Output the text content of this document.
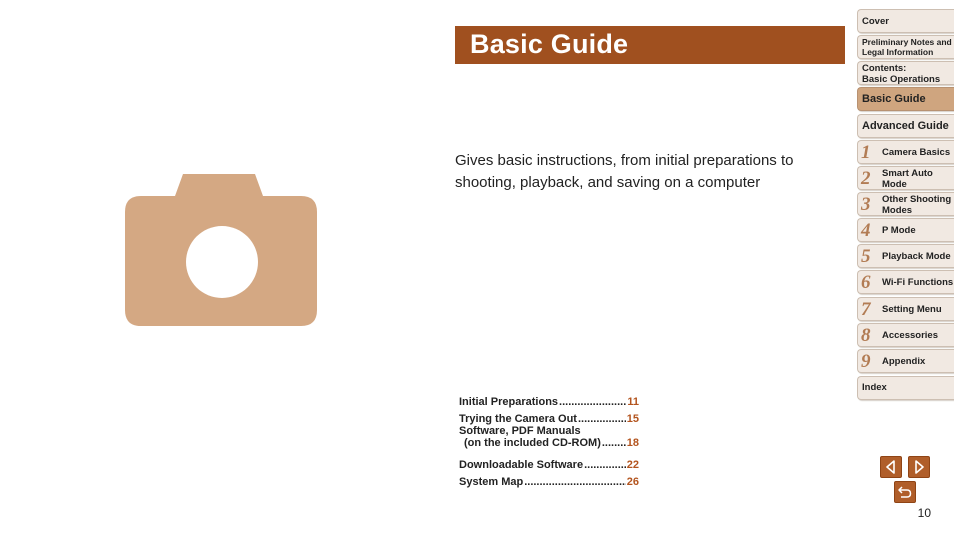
Basic Guide
Gives basic instructions, from initial preparations to shooting, playback, and saving on a computer
Initial Preparations .....	11
Trying the Camera Out .....	15
Software, PDF Manuals
(on the included CD-ROM) ..... 18
Downloadable Software .....	22
System Map .....	26
Cover
Preliminary Notes and
Legal Information
Contents:
Basic Operations
Basic Guide
Advanced Guide
1 Camera Basics
2 Smart Auto
Mode
3 Other Shooting
Modes
4 P Mode
5 Playback Mode
6 Wi-Fi Functions
7 Setting Menu
8 Accessories
9 Appendix
Index
10
